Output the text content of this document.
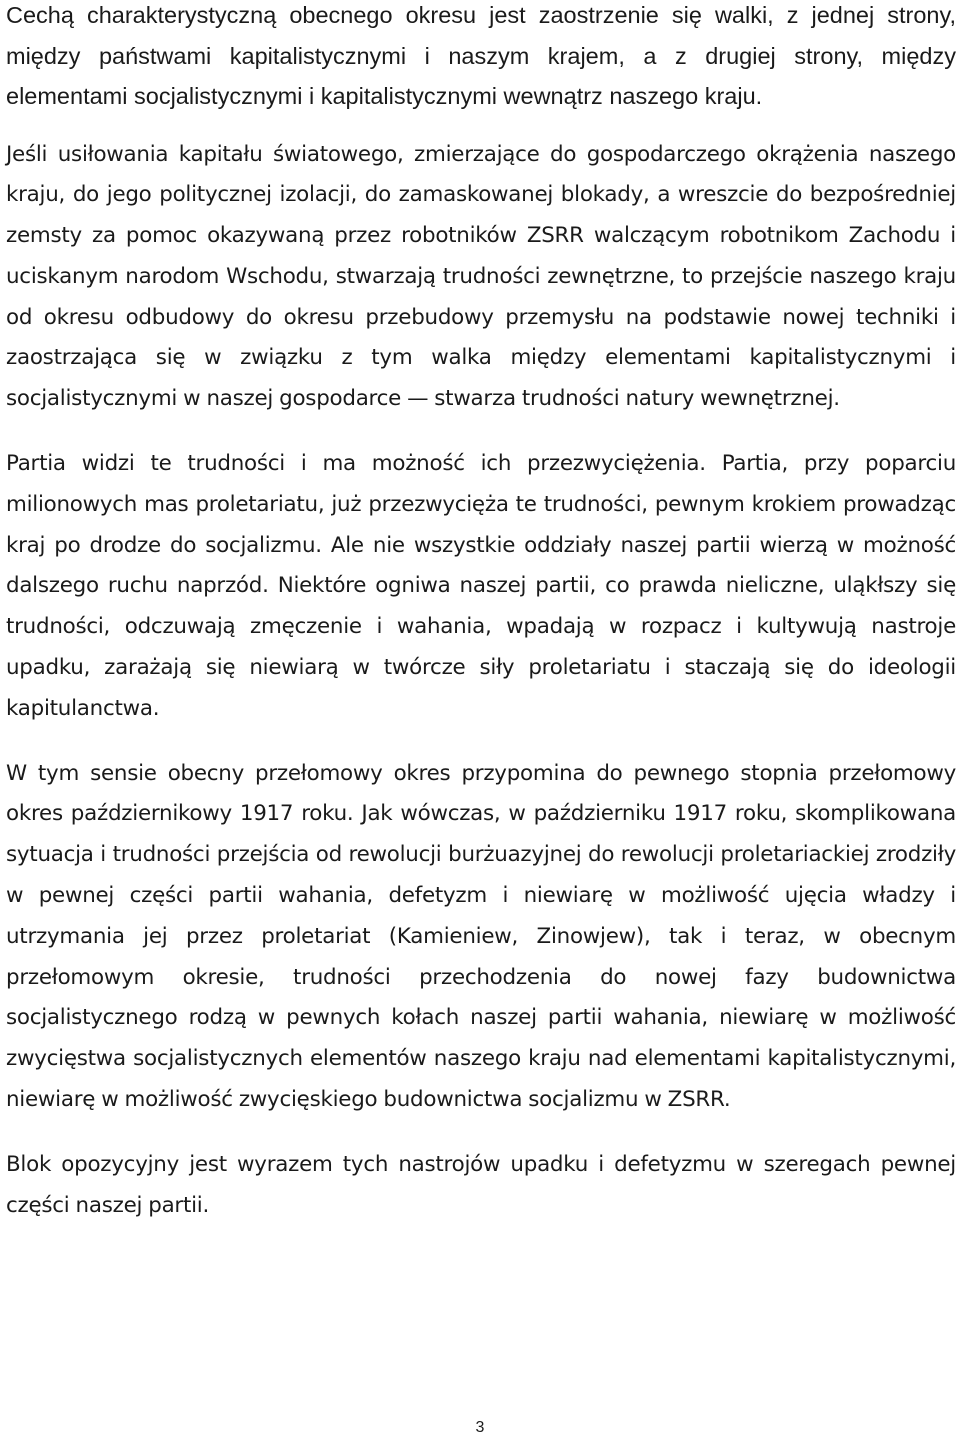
Cechą charakterystyczną obecnego okresu jest zaostrzenie się walki, z jednej strony, między państwami kapitalistycznymi i naszym krajem, a z drugiej strony, między elementami socjalistycznymi i kapitalistycznymi wewnątrz naszego kraju.

Jeśli usiłowania kapitału światowego, zmierzające do gospodarczego okrążenia naszego kraju, do jego politycznej izolacji, do zamaskowanej blokady, a wreszcie do bezpośredniej zemsty za pomoc okazywaną przez robotników ZSRR walczącym robotnikom Zachodu i uciskanym narodom Wschodu, stwarzają trudności zewnętrzne, to przejście naszego kraju od okresu odbudowy do okresu przebudowy przemysłu na podstawie nowej techniki i zaostrzająca się w związku z tym walka między elementami kapitalistycznymi i socjalistycznymi w naszej gospodarce — stwarza trudności natury wewnętrznej.

Partia widzi te trudności i ma możność ich przezwyciężenia. Partia, przy poparciu milionowych mas proletariatu, już przezwycięża te trudności, pewnym krokiem prowadząc kraj po drodze do socjalizmu. Ale nie wszystkie oddziały naszej partii wierzą w możność dalszego ruchu naprzód. Niektóre ogniwa naszej partii, co prawda nieliczne, uląkłszy się trudności, odczuwają zmęczenie i wahania, wpadają w rozpacz i kultywują nastroje upadku, zarażają się niewiarą w twórcze siły proletariatu i staczają się do ideologii kapitulanctwa.

W tym sensie obecny przełomowy okres przypomina do pewnego stopnia przełomowy okres październikowy 1917 roku. Jak wówczas, w październiku 1917 roku, skomplikowana sytuacja i trudności przejścia od rewolucji burżuazyjnej do rewolucji proletariackiej zrodziły w pewnej części partii wahania, defetyzm i niewiarę w możliwość ujęcia władzy i utrzymania jej przez proletariat (Kamieniew, Zinowjew), tak i teraz, w obecnym przełomowym okresie, trudności przechodzenia do nowej fazy budownictwa socjalistycznego rodzą w pewnych kołach naszej partii wahania, niewiarę w możliwość zwycięstwa socjalistycznych elementów naszego kraju nad elementami kapitalistycznymi, niewiarę w możliwość zwycięskiego budownictwa socjalizmu w ZSRR.

Blok opozycyjny jest wyrazem tych nastrojów upadku i defetyzmu w szeregach pewnej części naszej partii.

3
